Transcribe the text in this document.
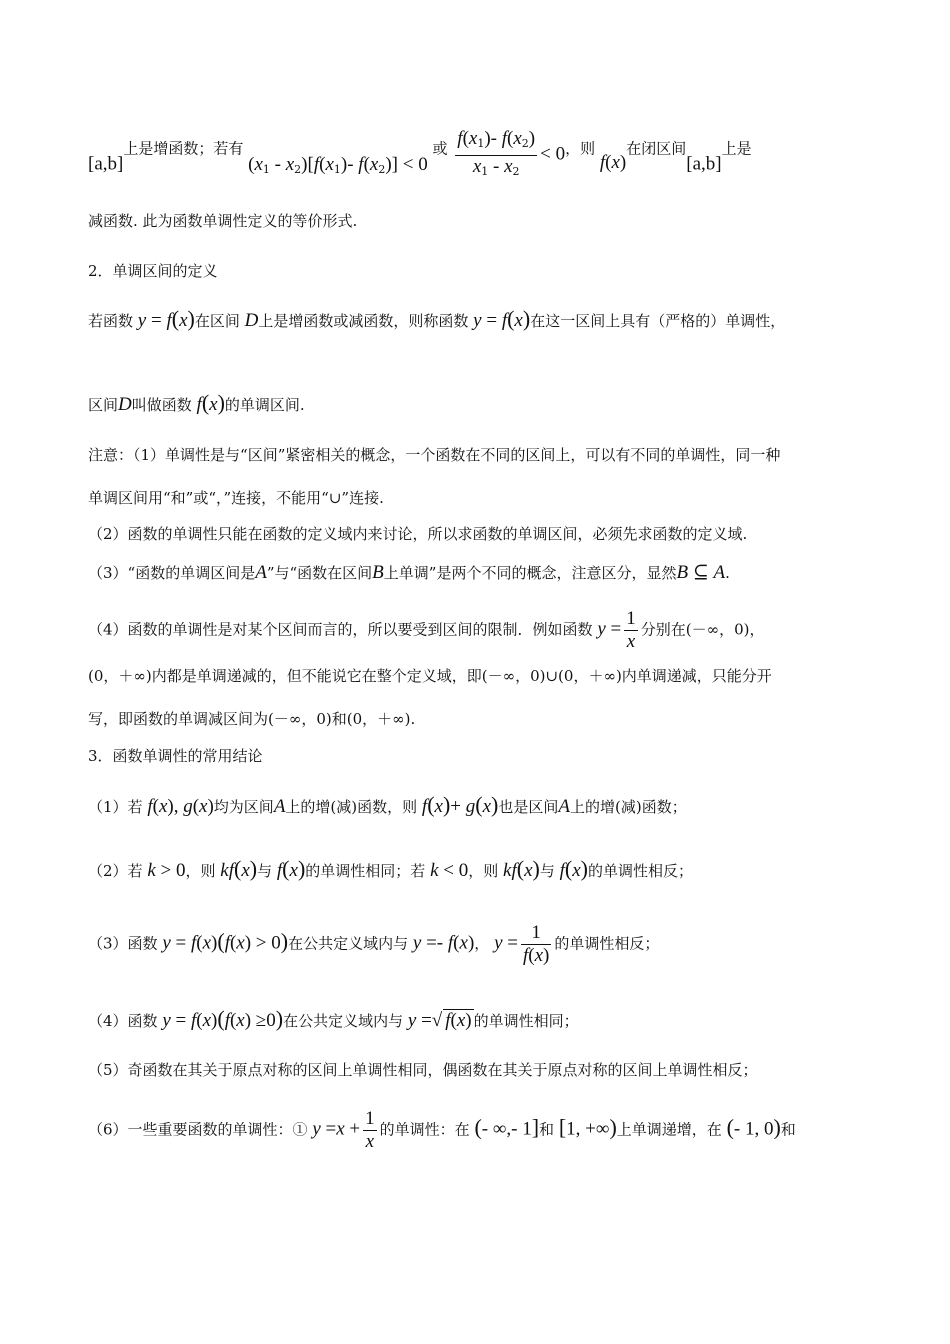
[a,b]上是增函数；若有 $(x_1 - x_2)[f(x_1)-$ $f(x_2)] < 0$ 或 $\frac{f(x_1)- f(x_2)}{x_1 - x_2} < 0$，则 f(x)在闭区间[a,b]上是
减函数. 此为函数单调性定义的等价形式.
2．单调区间的定义
若函数 y = f(x)在区间 D上是增函数或减函数，则称函数 y = f(x)在这一区间上具有（严格的）单调性，
区间D叫做函数 f(x)的单调区间.
注意：（1）单调性是与“区间”紧密相关的概念，一个函数在不同的区间上，可以有不同的单调性，同一种
单调区间用“和”或“，”连接，不能用“∪”连接.
（2）函数的单调性只能在函数的定义域内来讨论，所以求函数的单调区间，必须先求函数的定义域.
（3）“函数的单调区间是A”与“函数在区间B上单调”是两个不同的概念，注意区分，显然B ⊆ A.
（4）函数的单调性是对某个区间而言的，所以要受到区间的限制．例如函数 $y = \frac{1}{x}$ 分别在(－∞，0)，
(0，＋∞)内都是单调递减的，但不能说它在整个定义域，即(－∞，0)∪(0，＋∞)内单调递减，只能分开
写，即函数的单调减区间为(－∞，0)和(0，＋∞).
3．函数单调性的常用结论
（1）若 f(x), g(x)均为区间A上的增(减)函数，则 f(x)+ g(x)也是区间A上的增(减)函数；
（2）若 k > 0，则 kf(x)与 f(x)的单调性相同；若 k < 0，则 kf(x)与 f(x)的单调性相反；
（3）函数 y = f(x)(f(x) > 0)在公共定义域内与 y =- f(x)， $y = \frac{1}{f(x)}$ 的单调性相反；
（4）函数 y = f(x)(f(x) ≥0)在公共定义域内与 y =√ f(x) 的单调性相同；
（5）奇函数在其关于原点对称的区间上单调性相同，偶函数在其关于原点对称的区间上单调性相反；
（6）一些重要函数的单调性：① $y =x + \frac{1}{x}$ 的单调性：在 (- ∞,- 1]和 [1, +∞)上单调递增，在 (- 1, 0)和
